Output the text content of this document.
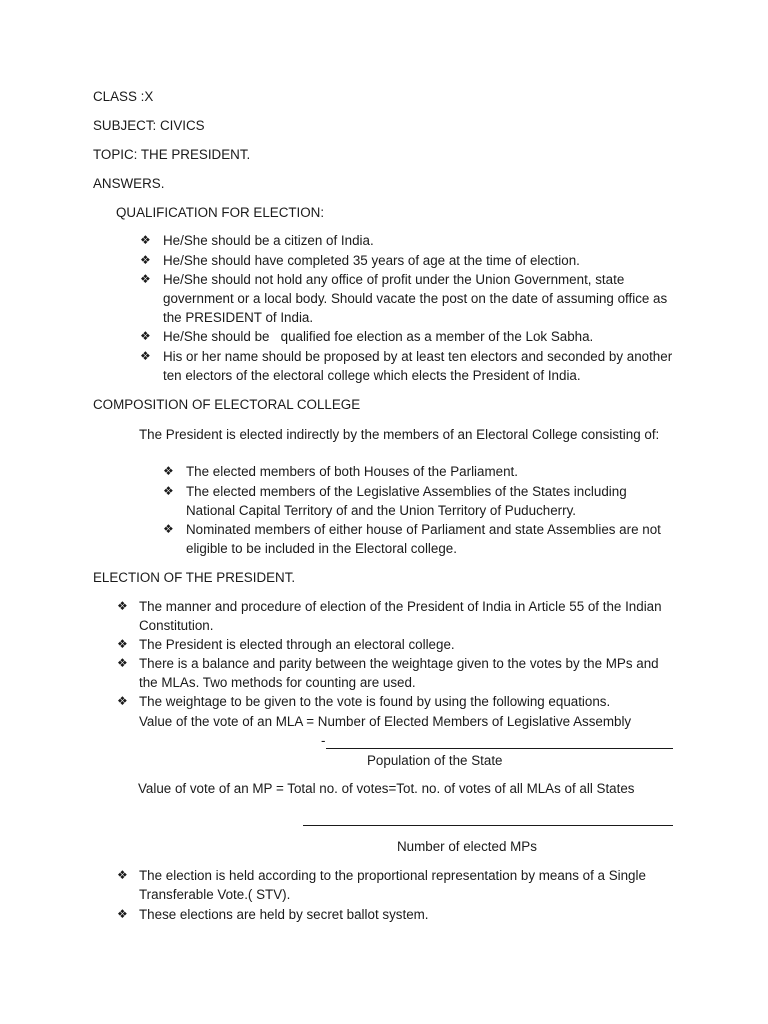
CLASS :X
SUBJECT: CIVICS
TOPIC: THE PRESIDENT.
ANSWERS.
QUALIFICATION FOR ELECTION:
❖ He/She should be a citizen of India.
❖ He/She should have completed 35 years of age at the time of election.
❖ He/She should not hold any office of profit under the Union Government, state government or a local body. Should vacate the post on the date of assuming office as the PRESIDENT of India.
❖ He/She should be   qualified foe election as a member of the Lok Sabha.
❖ His or her name should be proposed by at least ten electors and seconded by another ten electors of the electoral college which elects the President of India.
COMPOSITION OF ELECTORAL COLLEGE
The President is elected indirectly by the members of an Electoral College consisting of:
❖ The elected members of both Houses of the Parliament.
❖ The elected members of the Legislative Assemblies of the States including National Capital Territory of and the Union Territory of Puducherry.
❖ Nominated members of either house of Parliament and state Assemblies are not eligible to be included in the Electoral college.
ELECTION OF THE PRESIDENT.
❖ The manner and procedure of election of the President of India in Article 55 of the Indian Constitution.
❖ The President is elected through an electoral college.
❖ There is a balance and parity between the weightage given to the votes by the MPs and the MLAs. Two methods for counting are used.
❖ The weightage to be given to the vote is found by using the following equations.
Value of the vote of an MLA = Number of Elected Members of Legislative Assembly
-
Population of the State
Value of vote of an MP = Total no. of votes=Tot. no. of votes of all MLAs of all States
Number of elected MPs
❖ The election is held according to the proportional representation by means of a Single Transferable Vote.( STV).
❖ These elections are held by secret ballot system.
